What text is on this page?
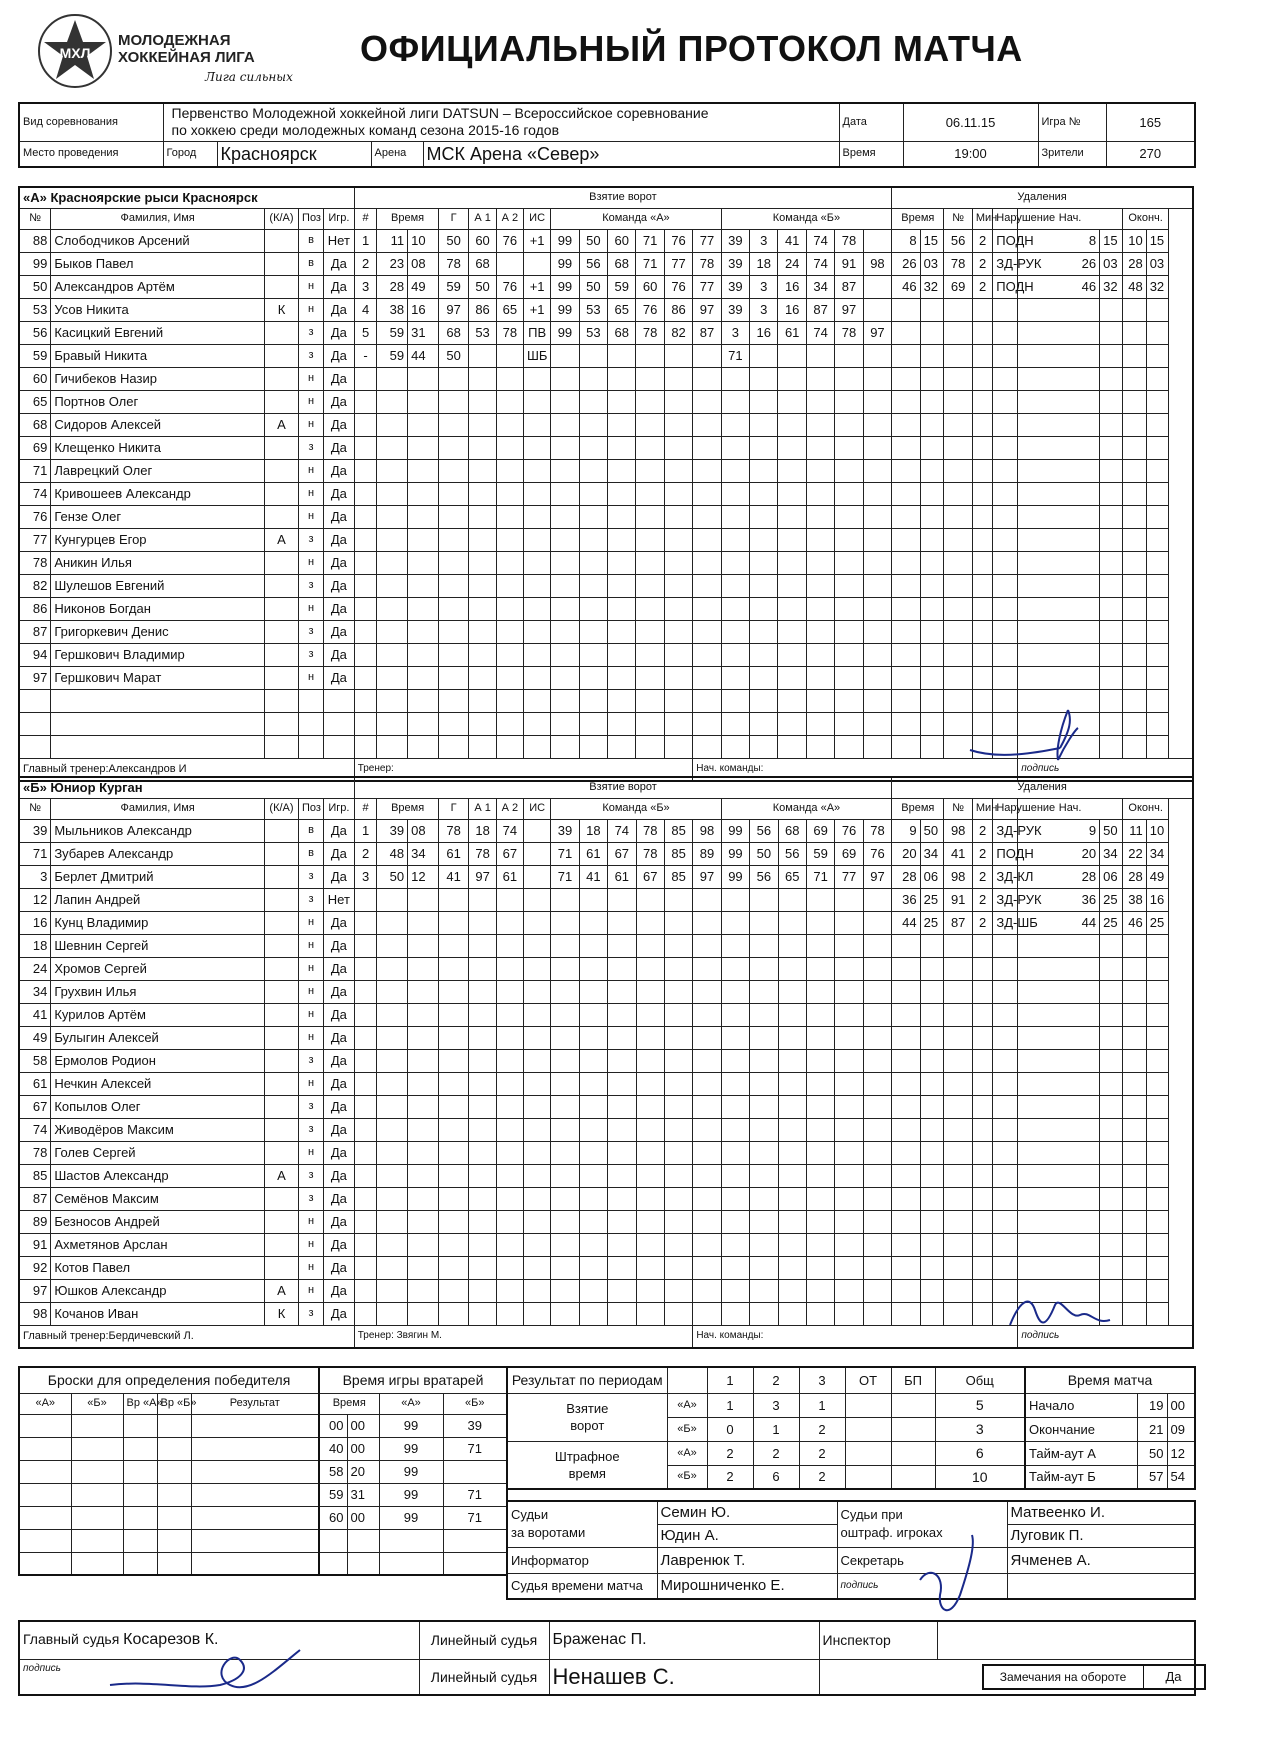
МХЛ
МОЛОДЕЖНАЯ
ХОККЕЙНАЯ ЛИГА
Лига сильных
ОФИЦИАЛЬНЫЙ ПРОТОКОЛ МАТЧА
Вид соревнования	Первенство Молодежной хоккейной лиги DATSUN – Всероссийское соревнование
по хоккею среди молодежных команд сезона 2015-16 годов				Дата	06.11.15	Игра №	165
Место проведения	Город	Красноярск	Арена	МСК Арена «Север»	Время	19:00	Зрители	270
«А» Красноярские рыси Красноярск					Взятие ворот																			Удаления								
№	Фамилия, Имя	(К/А)	Поз	Игр.	#	Время		Г	А 1	А 2	ИС	Команда «А»						Команда «Б»						Время		№	Мин	Нарушение	Нач.		Оконч.	
88	Слободчиков Арсений		в	Нет	1	11	10	50	60	76	+1	99	50	60	71	76	77	39	3	41	74	78		8	15	56	2	ПОДН	8	15	10	15
99	Быков Павел		в	Да	2	23	08	78	68			99	56	68	71	77	78	39	18	24	74	91	98	26	03	78	2	ЗД-РУК	26	03	28	03
50	Александров Артём		н	Да	3	28	49	59	50	76	+1	99	50	59	60	76	77	39	3	16	34	87		46	32	69	2	ПОДН	46	32	48	32
53	Усов Никита	К	н	Да	4	38	16	97	86	65	+1	99	53	65	76	86	97	39	3	16	87	97										
56	Касицкий Евгений		з	Да	5	59	31	68	53	78	ПВ	99	53	68	78	82	87	3	16	61	74	78	97									
59	Бравый Никита		з	Да	-	59	44	50			ШБ							71														
60	Гичибеков Назир		н	Да																												
65	Портнов Олег		н	Да																												
68	Сидоров Алексей	А	н	Да																												
69	Клещенко Никита		з	Да																												
71	Лаврецкий Олег		н	Да																												
74	Кривошеев Александр		н	Да																												
76	Гензе Олег		н	Да																												
77	Кунгурцев Егор	А	з	Да																												
78	Аникин Илья		н	Да																												
82	Шулешов Евгений		з	Да																												
86	Никонов Богдан		н	Да																												
87	Григоркевич Денис		з	Да																												
94	Гершкович Владимир		з	Да																												
97	Гершкович Марат		н	Да																												

Главный тренер:Александров И					Тренер:												Нач. команды:												подпись			
«Б» Юниор Курган					Взятие ворот																			Удаления								
№	Фамилия, Имя	(К/А)	Поз	Игр.	#	Время		Г	А 1	А 2	ИС	Команда «Б»						Команда «А»						Время		№	Мин	Нарушение	Нач.		Оконч.	
39	Мыльников Александр		в	Да	1	39	08	78	18	74		39	18	74	78	85	98	99	56	68	69	76	78	9	50	98	2	ЗД-РУК	9	50	11	10
71	Зубарев Александр		в	Да	2	48	34	61	78	67		71	61	67	78	85	89	99	50	56	59	69	76	20	34	41	2	ПОДН	20	34	22	34
3	Берлет Дмитрий		з	Да	3	50	12	41	97	61		71	41	61	67	85	97	99	56	65	71	77	97	28	06	98	2	ЗД-КЛ	28	06	28	49
12	Лапин Андрей		з	Нет																				36	25	91	2	ЗД-РУК	36	25	38	16
16	Кунц Владимир		н	Да																				44	25	87	2	ЗД-ШБ	44	25	46	25
18	Шевнин Сергей		н	Да																												
24	Хромов Сергей		н	Да																												
34	Грухвин Илья		н	Да																												
41	Курилов Артём		н	Да																												
49	Булыгин Алексей		н	Да																												
58	Ермолов Родион		з	Да																												
61	Нечкин Алексей		н	Да																												
67	Копылов Олег		з	Да																												
74	Живодёров Максим		з	Да																												
78	Голев Сергей		н	Да																												
85	Шастов Александр	А	з	Да																												
87	Семёнов Максим		з	Да																												
89	Безносов Андрей		н	Да																												
91	Ахметянов Арслан		н	Да																												
92	Котов Павел		н	Да																												
97	Юшков Александр	А	н	Да																												
98	Кочанов Иван	К	з	Да																												
Главный тренер:Бердичевский Л.					Тренер: Звягин М.												Нач. команды:												подпись			
Броски для определения победителя				
«А»	«Б»	Вр «А»	Вр «Б»	Результат

Время игры вратарей			
Время		«А»	«Б»
00	00	99	39
40	00	99	71
58	20	99	
59	31	99	71
60	00	99	71

Результат по периодам		1	2	3	ОТ	БП	Общ
Взятие
ворот	«А»	1	3	1			5
	«Б»	0	1	2			3
Штрафное
время	«А»	2	2	2			6
	«Б»	2	6	2			10
Время матча		
Начало	19	00
Окончание	21	09
Тайм-аут А	50	12
Тайм-аут Б	57	54
Судьи
за воротами	Семин Ю.	Судьи при
оштраф. игроках	Матвеенко И.
	Юдин А.		Луговик П.
Информатор	Лавренюк Т.	Секретарь	Ячменев А.
Судья времени матча	Мирошниченко Е.	подпись	
Главный судья Косарезов К.	Линейный судья	Браженас П.	Инспектор	
подпись	Линейный судья	Ненашев С.	Замечания на обороте Да	
